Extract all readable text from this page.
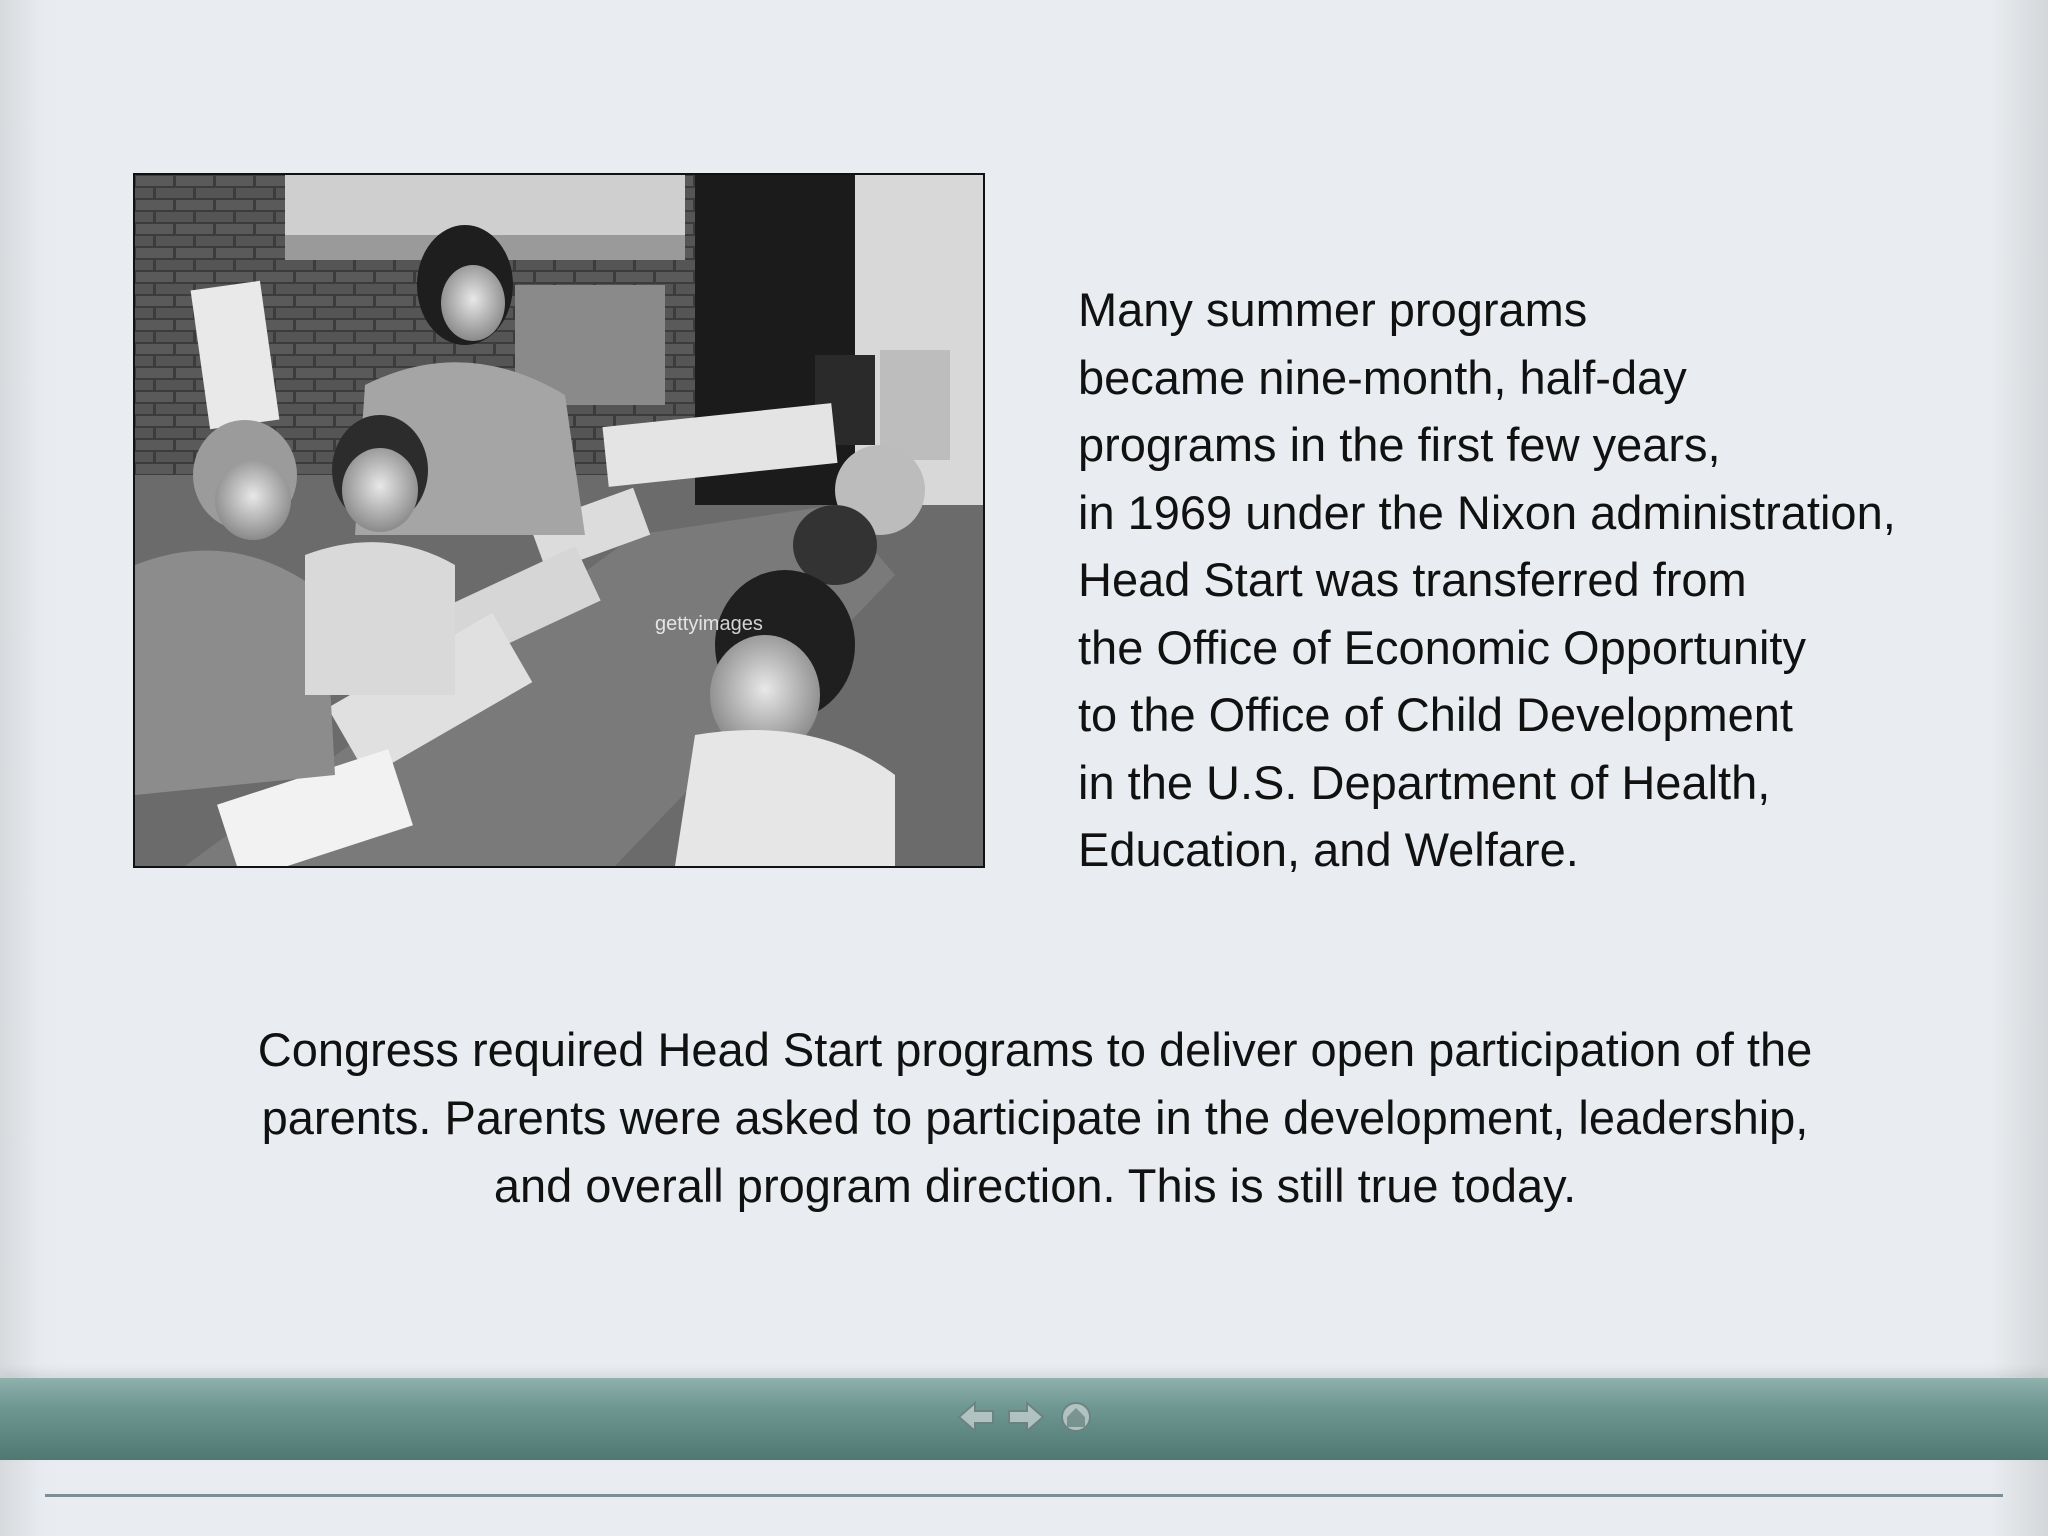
gettyimages

Many summer programs
became nine-month, half-day
programs in the first few years,
in 1969 under the Nixon administration,
Head Start was transferred from
the Office of Economic Opportunity
to the Office of Child Development
in the U.S. Department of Health,
Education, and Welfare.

Congress required Head Start programs to deliver open participation of the
parents. Parents were asked to participate in the development, leadership,
and overall program direction. This is still true today.
